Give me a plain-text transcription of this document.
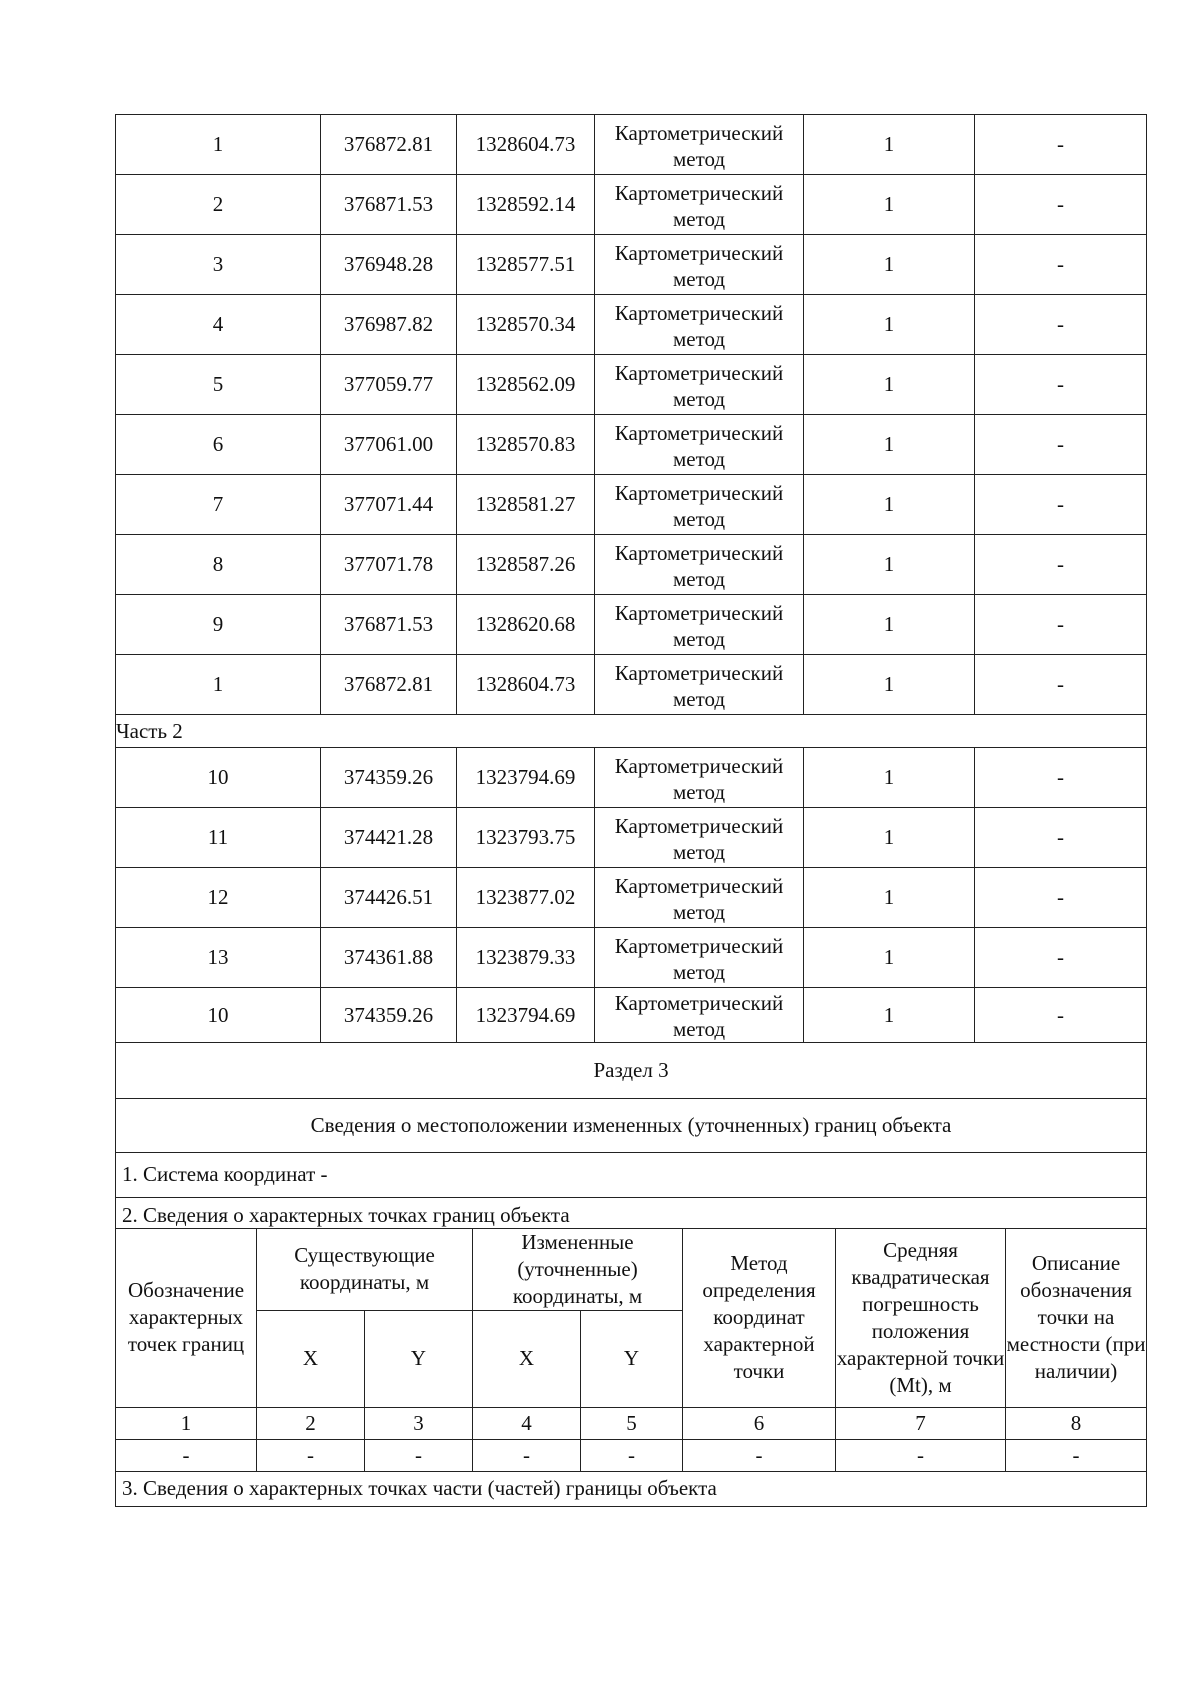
1	376872.81	1328604.73	Картометрический метод	1	-
2	376871.53	1328592.14	Картометрический метод	1	-
3	376948.28	1328577.51	Картометрический метод	1	-
4	376987.82	1328570.34	Картометрический метод	1	-
5	377059.77	1328562.09	Картометрический метод	1	-
6	377061.00	1328570.83	Картометрический метод	1	-
7	377071.44	1328581.27	Картометрический метод	1	-
8	377071.78	1328587.26	Картометрический метод	1	-
9	376871.53	1328620.68	Картометрический метод	1	-
1	376872.81	1328604.73	Картометрический метод	1	-
Часть 2					
10	374359.26	1323794.69	Картометрический метод	1	-
11	374421.28	1323793.75	Картометрический метод	1	-
12	374426.51	1323877.02	Картометрический метод	1	-
13	374361.88	1323879.33	Картометрический метод	1	-
10	374359.26	1323794.69	Картометрический метод	1	-
Раздел 3							
Сведения о местоположении измененных (уточненных) границ объекта							
1. Система координат -							
2. Сведения о характерных точках границ объекта							
Обозначение характерных точек границ	Существующие координаты, м		Измененные (уточненные) координаты, м		Метод определения координат характерной точки	Средняя квадратическая погрешность положения характерной точки (Mt), м	Описание обозначения точки на местности (при наличии)
	X	Y	X	Y			
1	2	3	4	5	6	7	8
-	-	-	-	-	-	-	-
3. Сведения о характерных точках части (частей) границы объекта							
